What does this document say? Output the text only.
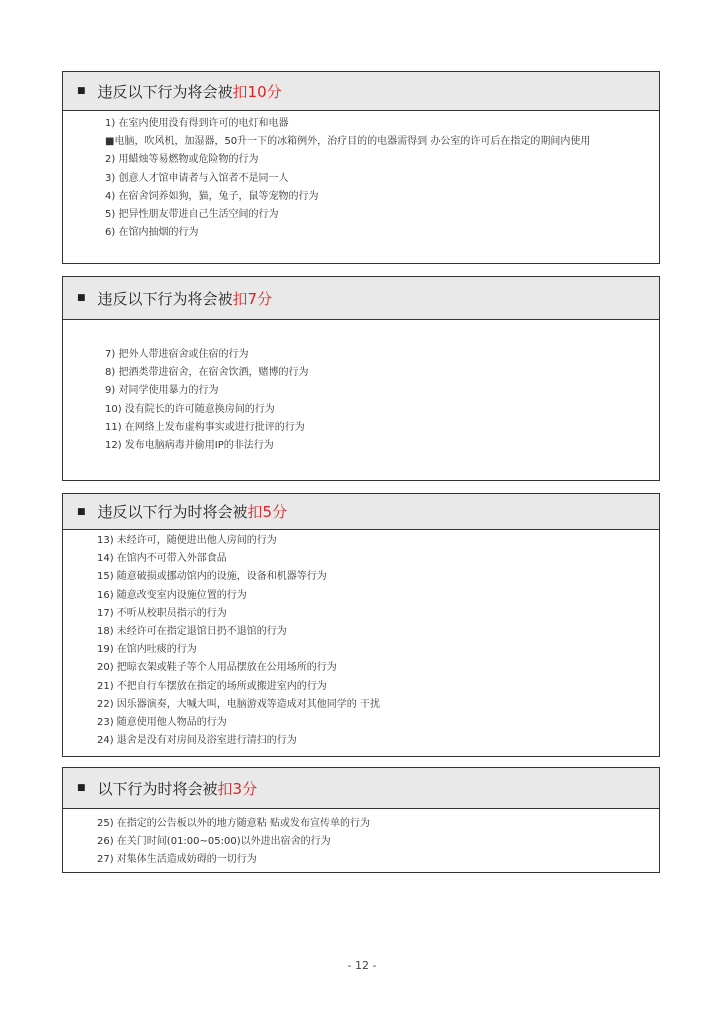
■ 违反以下行为将会被 扣10分
1) 在室内使用没有得到许可的电灯和电器
■电脑，吹风机，加湿器，50升一下的冰箱例外，治疗目的的电器需得到 办公室的许可后在指定的期间内使用
2) 用蜡烛等易燃物或危险物的行为
3) 创意人才馆申请者与入馆者不是同一人
4) 在宿舍饲养如狗，猫，兔子，鼠等宠物的行为
5) 把异性朋友带进自己生活空间的行为
6) 在馆内抽烟的行为
■ 违反以下行为将会被 扣7分
7) 把外人带进宿舍或住宿的行为
8) 把酒类带进宿舍，在宿舍饮酒，赌博的行为
9) 对同学使用暴力的行为
10) 没有院长的许可随意换房间的行为
11) 在网络上发布虚构事实或进行批评的行为
12) 发布电脑病毒并偷用IP的非法行为
■ 违反以下行为时将会被 扣5分
13) 未经许可，随便进出他人房间的行为
14) 在馆内不可带入外部食品
15) 随意破损或挪动馆内的设施，设备和机器等行为
16) 随意改变室内设施位置的行为
17) 不听从校职员指示的行为
18) 未经许可在指定退馆日扔不退馆的行为
19) 在馆内吐痰的行为
20) 把晾衣架或鞋子等个人用品摆放在公用场所的行为
21) 不把自行车摆放在指定的场所或搬进室内的行为
22) 因乐器演奏，大喊大叫，电脑游戏等造成对其他同学的 干扰
23) 随意使用他人物品的行为
24) 退舍是没有对房间及浴室进行清扫的行为
■ 以下行为时将会被 扣3分
25) 在指定的公告板以外的地方随意粘 贴或发布宣传单的行为
26) 在关门时间(01:00~05:00)以外进出宿舍的行为
27) 对集体生活造成妨碍的一切行为
- 12 -
